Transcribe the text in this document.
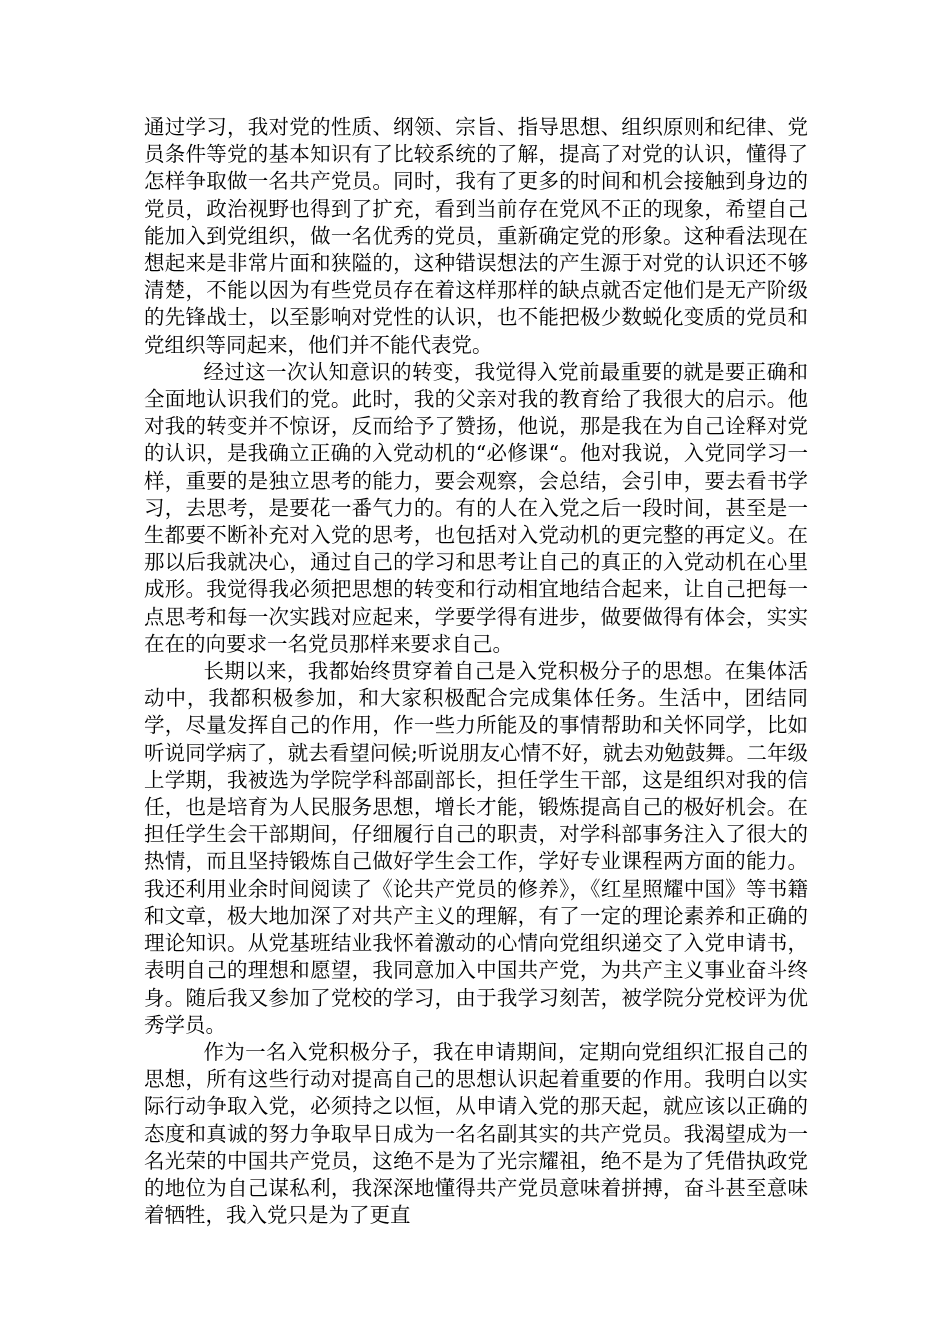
通过学习，我对党的性质、纲领、宗旨、指导思想、组织原则和纪律、党员条件等党的基本知识有了比较系统的了解，提高了对党的认识，懂得了怎样争取做一名共产党员。同时，我有了更多的时间和机会接触到身边的党员，政治视野也得到了扩充，看到当前存在党风不正的现象，希望自己能加入到党组织，做一名优秀的党员，重新确定党的形象。这种看法现在想起来是非常片面和狭隘的，这种错误想法的产生源于对党的认识还不够清楚，不能以因为有些党员存在着这样那样的缺点就否定他们是无产阶级的先锋战士，以至影响对党性的认识，也不能把极少数蜕化变质的党员和党组织等同起来，他们并不能代表党。

经过这一次认知意识的转变，我觉得入党前最重要的就是要正确和全面地认识我们的党。此时，我的父亲对我的教育给了我很大的启示。他对我的转变并不惊讶，反而给予了赞扬，他说，那是我在为自己诠释对党的认识，是我确立正确的入党动机的“必修课“。他对我说，入党同学习一样，重要的是独立思考的能力，要会观察，会总结，会引申，要去看书学习，去思考，是要花一番气力的。有的人在入党之后一段时间，甚至是一生都要不断补充对入党的思考，也包括对入党动机的更完整的再定义。在那以后我就决心，通过自己的学习和思考让自己的真正的入党动机在心里成形。我觉得我必须把思想的转变和行动相宜地结合起来，让自己把每一点思考和每一次实践对应起来，学要学得有进步，做要做得有体会，实实在在的向要求一名党员那样来要求自己。

长期以来，我都始终贯穿着自己是入党积极分子的思想。在集体活动中，我都积极参加，和大家积极配合完成集体任务。生活中，团结同学，尽量发挥自己的作用，作一些力所能及的事情帮助和关怀同学，比如听说同学病了，就去看望问候;听说朋友心情不好，就去劝勉鼓舞。二年级上学期，我被选为学院学科部副部长，担任学生干部，这是组织对我的信任，也是培育为人民服务思想，增长才能，锻炼提高自己的极好机会。在担任学生会干部期间，仔细履行自己的职责，对学科部事务注入了很大的热情，而且坚持锻炼自己做好学生会工作，学好专业课程两方面的能力。我还利用业余时间阅读了《论共产党员的修养》，《红星照耀中国》等书籍和文章，极大地加深了对共产主义的理解，有了一定的理论素养和正确的理论知识。从党基班结业我怀着激动的心情向党组织递交了入党申请书，表明自己的理想和愿望，我同意加入中国共产党，为共产主义事业奋斗终身。随后我又参加了党校的学习，由于我学习刻苦，被学院分党校评为优秀学员。

作为一名入党积极分子，我在申请期间，定期向党组织汇报自己的思想，所有这些行动对提高自己的思想认识起着重要的作用。我明白以实际行动争取入党，必须持之以恒，从申请入党的那天起，就应该以正确的态度和真诚的努力争取早日成为一名名副其实的共产党员。我渴望成为一名光荣的中国共产党员，这绝不是为了光宗耀祖，绝不是为了凭借执政党的地位为自己谋私利，我深深地懂得共产党员意味着拼搏，奋斗甚至意味着牺牲，我入党只是为了更直
